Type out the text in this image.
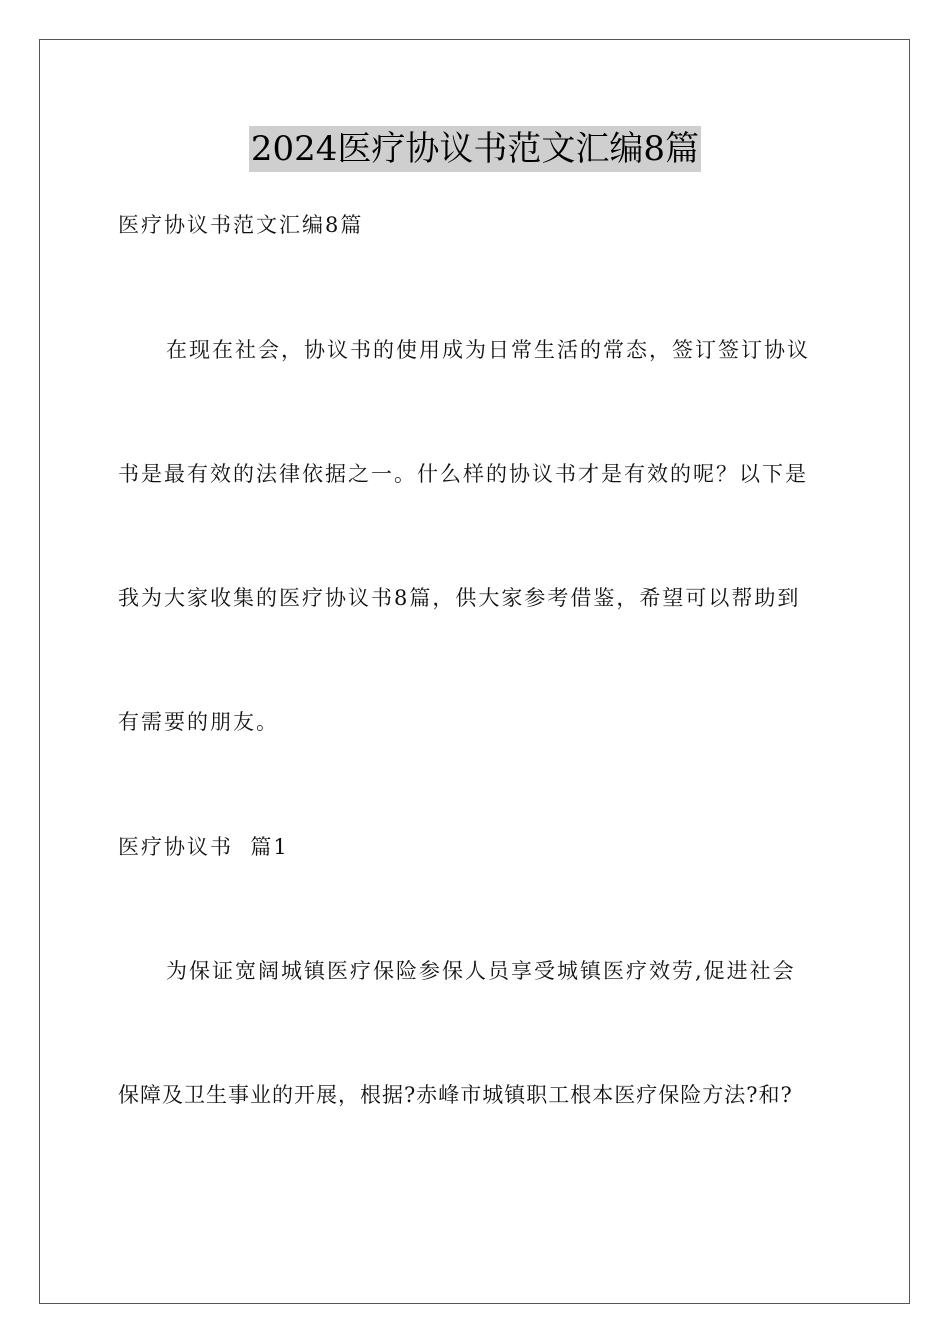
2024医疗协议书范文汇编8篇
医疗协议书范文汇编8篇
在现在社会，协议书的使用成为日常生活的常态，签订签订协议
书是最有效的法律依据之一。什么样的协议书才是有效的呢？以下是
我为大家收集的医疗协议书8篇，供大家参考借鉴，希望可以帮助到
有需要的朋友。
医疗协议书  篇1
为保证宽阔城镇医疗保险参保人员享受城镇医疗效劳,促进社会
保障及卫生事业的开展，根据?赤峰市城镇职工根本医疗保险方法?和?
